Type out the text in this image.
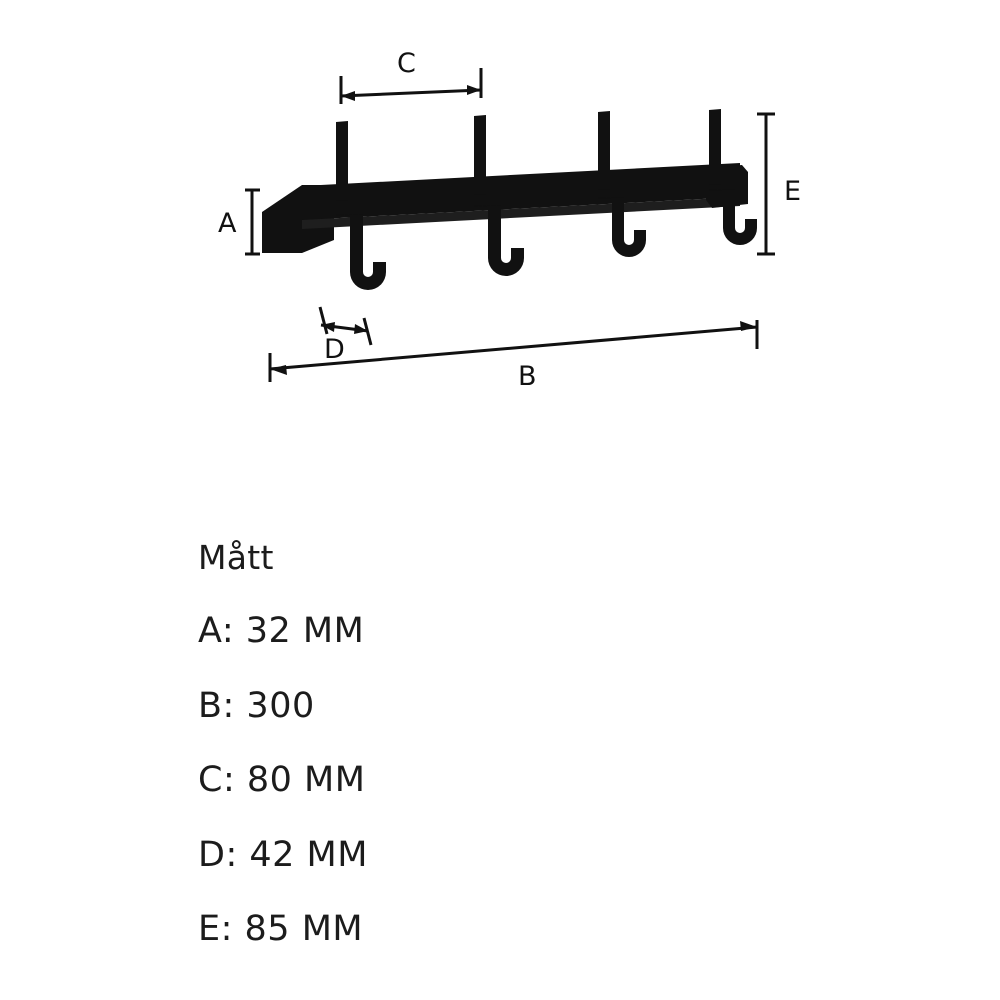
C
A
E
D
B
Mått
A: 32 MM
B: 300
C: 80 MM
D: 42 MM
E: 85 MM
